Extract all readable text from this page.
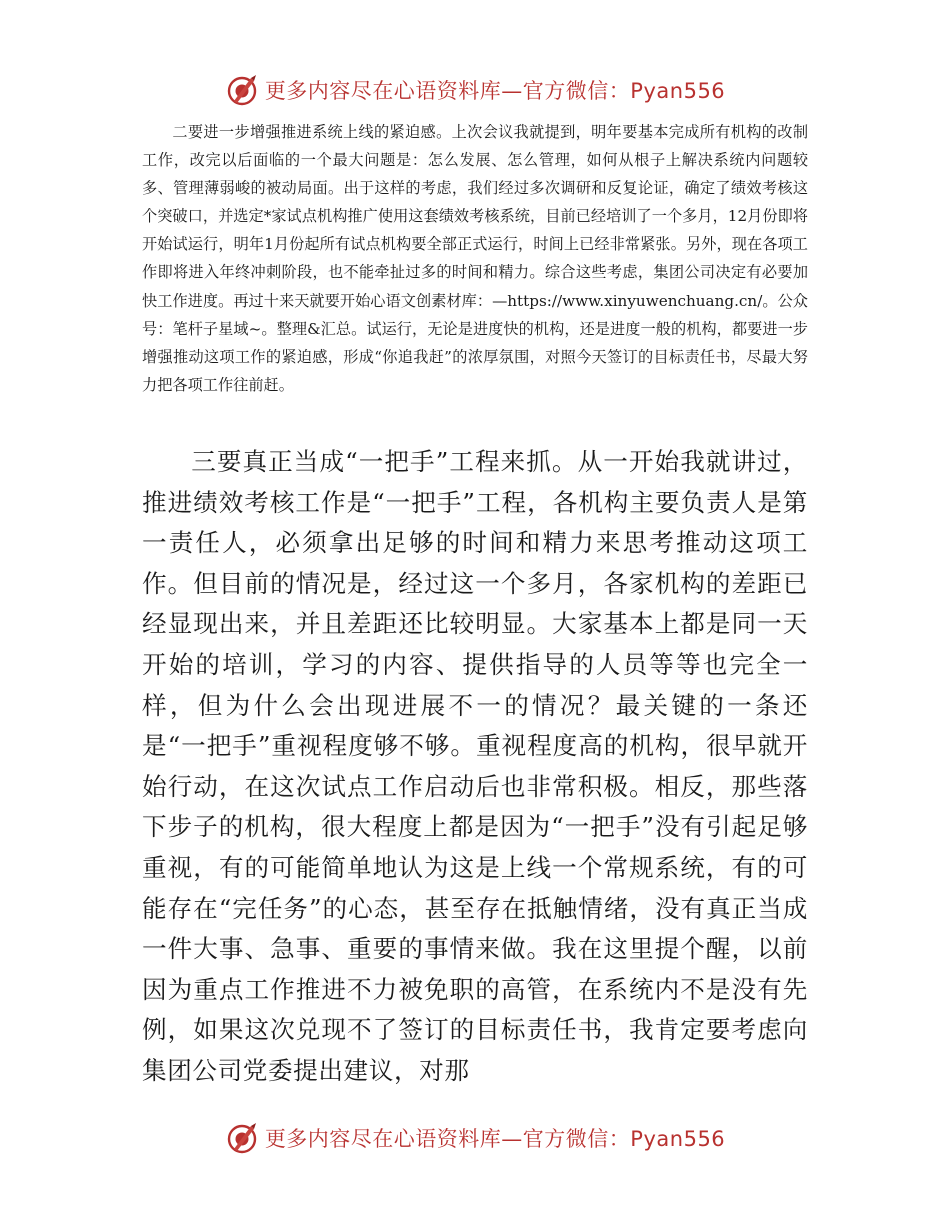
更多内容尽在心语资料库—官方微信：Pyan556

二要进一步增强推进系统上线的紧迫感。上次会议我就提到，明年要基本完成所有机构的改制工作，改完以后面临的一个最大问题是：怎么发展、怎么管理，如何从根子上解决系统内问题较多、管理薄弱峻的被动局面。出于这样的考虑，我们经过多次调研和反复论证，确定了绩效考核这个突破口，并选定*家试点机构推广使用这套绩效考核系统，目前已经培训了一个多月，12月份即将开始试运行，明年1月份起所有试点机构要全部正式运行，时间上已经非常紧张。另外，现在各项工作即将进入年终冲刺阶段，也不能牵扯过多的时间和精力。综合这些考虑，集团公司决定有必要加快工作进度。再过十来天就要开始心语文创素材库：—https://www.xinyuwenchuang.cn/。公众号：笔杆子星域~。整理&汇总。试运行，无论是进度快的机构，还是进度一般的机构，都要进一步增强推动这项工作的紧迫感，形成“你追我赶”的浓厚氛围，对照今天签订的目标责任书，尽最大努力把各项工作往前赶。

三要真正当成“一把手”工程来抓。从一开始我就讲过，推进绩效考核工作是“一把手”工程，各机构主要负责人是第一责任人，必须拿出足够的时间和精力来思考推动这项工作。但目前的情况是，经过这一个多月，各家机构的差距已经显现出来，并且差距还比较明显。大家基本上都是同一天开始的培训，学习的内容、提供指导的人员等等也完全一样，但为什么会出现进展不一的情况？最关键的一条还是“一把手”重视程度够不够。重视程度高的机构，很早就开始行动，在这次试点工作启动后也非常积极。相反，那些落下步子的机构，很大程度上都是因为“一把手”没有引起足够重视，有的可能简单地认为这是上线一个常规系统，有的可能存在“完任务”的心态，甚至存在抵触情绪，没有真正当成一件大事、急事、重要的事情来做。我在这里提个醒，以前因为重点工作推进不力被免职的高管，在系统内不是没有先例，如果这次兑现不了签订的目标责任书，我肯定要考虑向集团公司党委提出建议，对那

更多内容尽在心语资料库—官方微信：Pyan556
